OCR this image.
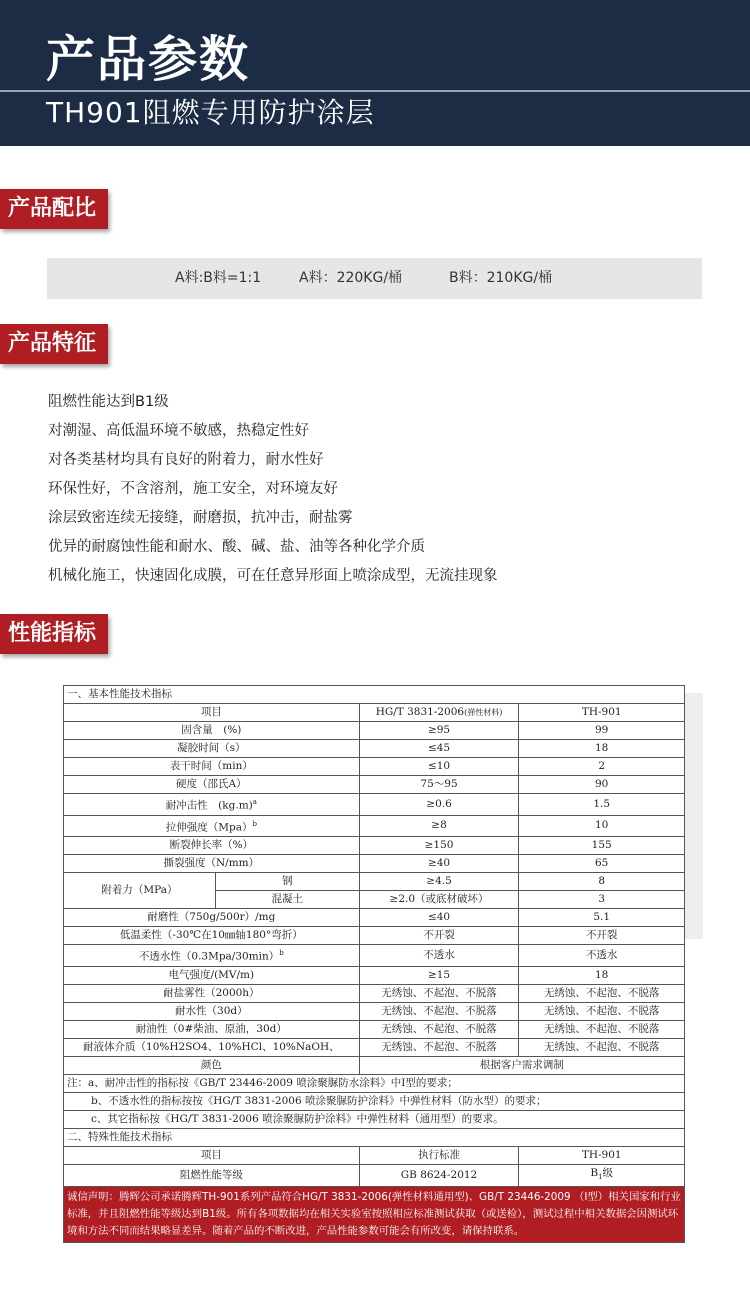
产品参数
TH901阻燃专用防护涂层
产品配比
A料:B料=1:1	A料：220KG/桶	B料：210KG/桶
产品特征
阻燃性能达到B1级
对潮湿、高低温环境不敏感，热稳定性好
对各类基材均具有良好的附着力，耐水性好
环保性好，不含溶剂，施工安全，对环境友好
涂层致密连续无接缝，耐磨损，抗冲击，耐盐雾
优异的耐腐蚀性能和耐水、酸、碱、盐、油等各种化学介质
机械化施工，快速固化成膜，可在任意异形面上喷涂成型，无流挂现象
性能指标
一、基本性能技术指标			
项目		HG/T 3831-2006(弹性材料)	TH-901
固含量　(%)		≥95	99
凝胶时间（s）		≤45	18
表干时间（min）		≤10	2
硬度（邵氏A）		75～95	90
耐冲击性　$(kg.m)^a$		≥0.6	1.5
拉伸强度（Mpa）$^b$		≥8	10
断裂伸长率（%）		≥150	155
撕裂强度（N/mm）		≥40	65
附着力（MPa）	钢	≥4.5	8
	混凝土	≥2.0（或底材破坏）	3
耐磨性（750g/500r）/mg		≤40	5.1
低温柔性（-30℃在10㎜轴180°弯折）		不开裂	不开裂
不透水性$(0.3Mpa/30\min)^b$		不透水	不透水
电气强度/(MV/m)		≥15	18
耐盐雾性（2000h）		无绣蚀、不起泡、不脱落	无绣蚀、不起泡、不脱落
耐水性（30d）		无绣蚀、不起泡、不脱落	无绣蚀、不起泡、不脱落
耐油性（0#柴油、原油，30d）		无绣蚀、不起泡、不脱落	无绣蚀、不起泡、不脱落
耐液体介质（10%H2SO4、10%HCl、10%NaOH、		无绣蚀、不起泡、不脱落	无绣蚀、不起泡、不脱落
颜色		根据客户需求调制	
注：a、耐冲击性的指标按《GB/T 23446-2009 喷涂聚脲防水涂料》中Ⅰ型的要求；			
b、不透水性的指标按按《HG/T 3831-2006 喷涂聚脲防护涂料》中弹性材料（防水型）的要求；			
c、其它指标按《HG/T 3831-2006 喷涂聚脲防护涂料》中弹性材料（通用型）的要求。			
二、特殊性能技术指标			
项目		执行标准	TH-901
阻燃性能等级		GB 8624-2012	$B_1$级
诚信声明：腾辉公司承诺腾辉TH-901系列产品符合HG/T 3831-2006(弹性材料通用型)、GB/T 23446-2009 （Ⅰ型）相关国家和行业标准，并且阻燃性能等级达到B1级。所有各项数据均在相关实验室按照相应标准测试获取（或送检），测试过程中相关数据会因测试环境和方法不同而结果略显差异。随着产品的不断改进，产品性能参数可能会有所改变，请保持联系。			
